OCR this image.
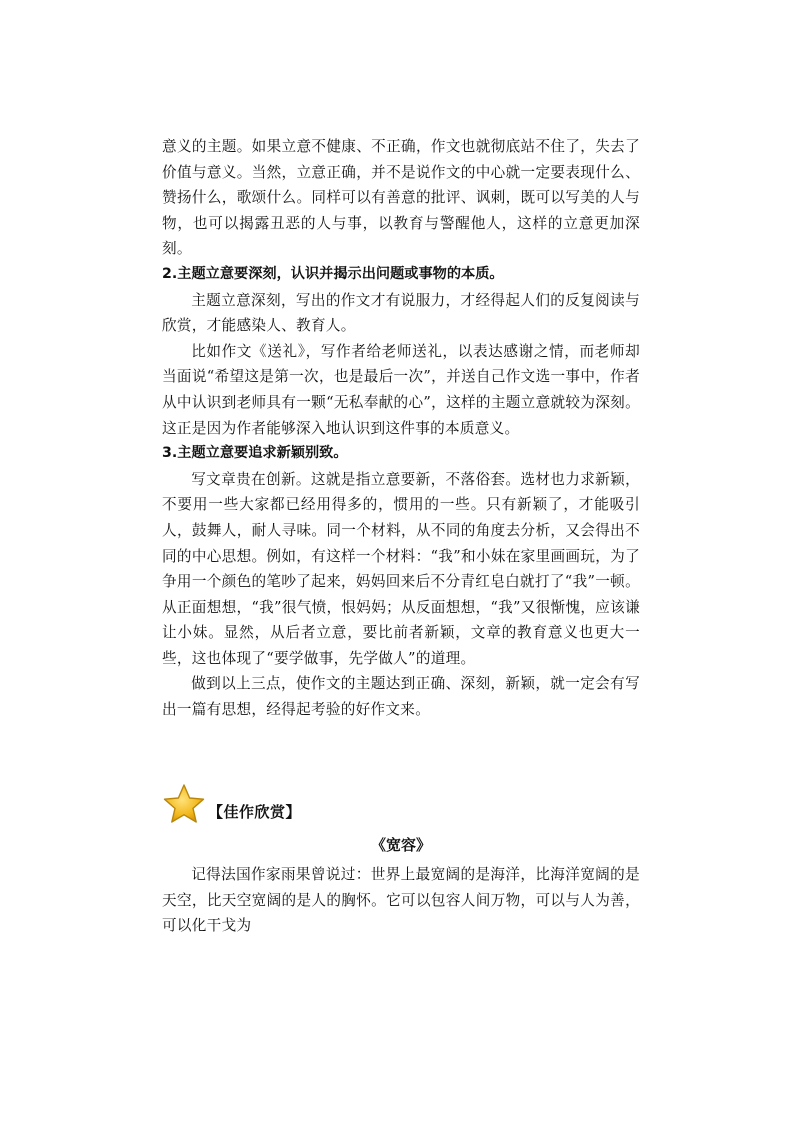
意义的主题。如果立意不健康、不正确，作文也就彻底站不住了，失去了价值与意义。当然，立意正确，并不是说作文的中心就一定要表现什么、赞扬什么，歌颂什么。同样可以有善意的批评、讽刺，既可以写美的人与物，也可以揭露丑恶的人与事，以教育与警醒他人，这样的立意更加深刻。

2.主题立意要深刻，认识并揭示出问题或事物的本质。

主题立意深刻，写出的作文才有说服力，才经得起人们的反复阅读与欣赏，才能感染人、教育人。

比如作文《送礼》，写作者给老师送礼，以表达感谢之情，而老师却当面说“希望这是第一次，也是最后一次”，并送自己作文选一事中，作者从中认识到老师具有一颗“无私奉献的心”，这样的主题立意就较为深刻。这正是因为作者能够深入地认识到这件事的本质意义。

3.主题立意要追求新颖别致。

写文章贵在创新。这就是指立意要新，不落俗套。选材也力求新颖，不要用一些大家都已经用得多的，惯用的一些。只有新颖了，才能吸引人，鼓舞人，耐人寻味。同一个材料，从不同的角度去分析，又会得出不同的中心思想。例如，有这样一个材料：“我”和小妹在家里画画玩，为了争用一个颜色的笔吵了起来，妈妈回来后不分青红皂白就打了“我”一顿。从正面想想，“我”很气愤，恨妈妈；从反面想想，“我”又很惭愧，应该谦让小妹。显然，从后者立意，要比前者新颖，文章的教育意义也更大一些，这也体现了“要学做事，先学做人”的道理。

做到以上三点，使作文的主题达到正确、深刻，新颖，就一定会有写出一篇有思想，经得起考验的好作文来。

【佳作欣赏】

《宽容》

记得法国作家雨果曾说过：世界上最宽阔的是海洋，比海洋宽阔的是天空，比天空宽阔的是人的胸怀。它可以包容人间万物，可以与人为善，可以化干戈为
